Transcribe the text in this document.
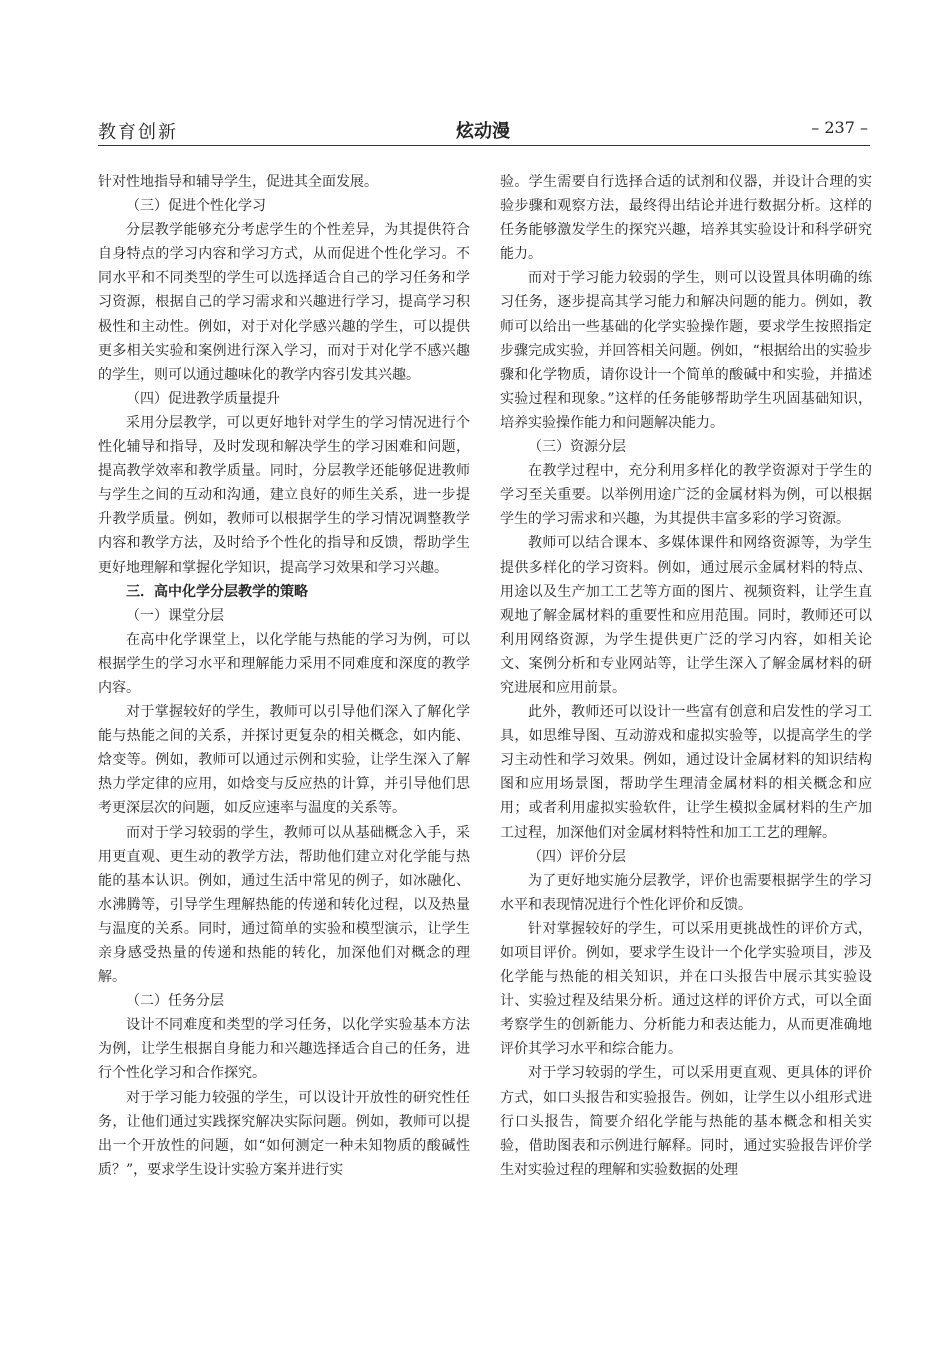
教育创新	炫动漫	– 237 –

针对性地指导和辅导学生，促进其全面发展。

（三）促进个性化学习

分层教学能够充分考虑学生的个性差异，为其提供符合自身特点的学习内容和学习方式，从而促进个性化学习。不同水平和不同类型的学生可以选择适合自己的学习任务和学习资源，根据自己的学习需求和兴趣进行学习，提高学习积极性和主动性。例如，对于对化学感兴趣的学生，可以提供更多相关实验和案例进行深入学习，而对于对化学不感兴趣的学生，则可以通过趣味化的教学内容引发其兴趣。

（四）促进教学质量提升

采用分层教学，可以更好地针对学生的学习情况进行个性化辅导和指导，及时发现和解决学生的学习困难和问题，提高教学效率和教学质量。同时，分层教学还能够促进教师与学生之间的互动和沟通，建立良好的师生关系，进一步提升教学质量。例如，教师可以根据学生的学习情况调整教学内容和教学方法，及时给予个性化的指导和反馈，帮助学生更好地理解和掌握化学知识，提高学习效果和学习兴趣。

三．高中化学分层教学的策略
（一）课堂分层

在高中化学课堂上，以化学能与热能的学习为例，可以根据学生的学习水平和理解能力采用不同难度和深度的教学内容。

对于掌握较好的学生，教师可以引导他们深入了解化学能与热能之间的关系，并探讨更复杂的相关概念，如内能、焓变等。例如，教师可以通过示例和实验，让学生深入了解热力学定律的应用，如焓变与反应热的计算，并引导他们思考更深层次的问题，如反应速率与温度的关系等。

而对于学习较弱的学生，教师可以从基础概念入手，采用更直观、更生动的教学方法，帮助他们建立对化学能与热能的基本认识。例如，通过生活中常见的例子，如冰融化、水沸腾等，引导学生理解热能的传递和转化过程，以及热量与温度的关系。同时，通过简单的实验和模型演示，让学生亲身感受热量的传递和热能的转化，加深他们对概念的理解。

（二）任务分层

设计不同难度和类型的学习任务，以化学实验基本方法为例，让学生根据自身能力和兴趣选择适合自己的任务，进行个性化学习和合作探究。

对于学习能力较强的学生，可以设计开放性的研究性任务，让他们通过实践探究解决实际问题。例如，教师可以提出一个开放性的问题，如“如何测定一种未知物质的酸碱性质？”，要求学生设计实验方案并进行实

验。学生需要自行选择合适的试剂和仪器，并设计合理的实验步骤和观察方法，最终得出结论并进行数据分析。这样的任务能够激发学生的探究兴趣，培养其实验设计和科学研究能力。

而对于学习能力较弱的学生，则可以设置具体明确的练习任务，逐步提高其学习能力和解决问题的能力。例如，教师可以给出一些基础的化学实验操作题，要求学生按照指定步骤完成实验，并回答相关问题。例如，“根据给出的实验步骤和化学物质，请你设计一个简单的酸碱中和实验，并描述实验过程和现象。”这样的任务能够帮助学生巩固基础知识，培养实验操作能力和问题解决能力。

（三）资源分层

在教学过程中，充分利用多样化的教学资源对于学生的学习至关重要。以举例用途广泛的金属材料为例，可以根据学生的学习需求和兴趣，为其提供丰富多彩的学习资源。

教师可以结合课本、多媒体课件和网络资源等，为学生提供多样化的学习资料。例如，通过展示金属材料的特点、用途以及生产加工工艺等方面的图片、视频资料，让学生直观地了解金属材料的重要性和应用范围。同时，教师还可以利用网络资源，为学生提供更广泛的学习内容，如相关论文、案例分析和专业网站等，让学生深入了解金属材料的研究进展和应用前景。

此外，教师还可以设计一些富有创意和启发性的学习工具，如思维导图、互动游戏和虚拟实验等，以提高学生的学习主动性和学习效果。例如，通过设计金属材料的知识结构图和应用场景图，帮助学生理清金属材料的相关概念和应用；或者利用虚拟实验软件，让学生模拟金属材料的生产加工过程，加深他们对金属材料特性和加工工艺的理解。

（四）评价分层

为了更好地实施分层教学，评价也需要根据学生的学习水平和表现情况进行个性化评价和反馈。

针对掌握较好的学生，可以采用更挑战性的评价方式，如项目评价。例如，要求学生设计一个化学实验项目，涉及化学能与热能的相关知识，并在口头报告中展示其实验设计、实验过程及结果分析。通过这样的评价方式，可以全面考察学生的创新能力、分析能力和表达能力，从而更准确地评价其学习水平和综合能力。

对于学习较弱的学生，可以采用更直观、更具体的评价方式，如口头报告和实验报告。例如，让学生以小组形式进行口头报告，简要介绍化学能与热能的基本概念和相关实验，借助图表和示例进行解释。同时，通过实验报告评价学生对实验过程的理解和实验数据的处理
